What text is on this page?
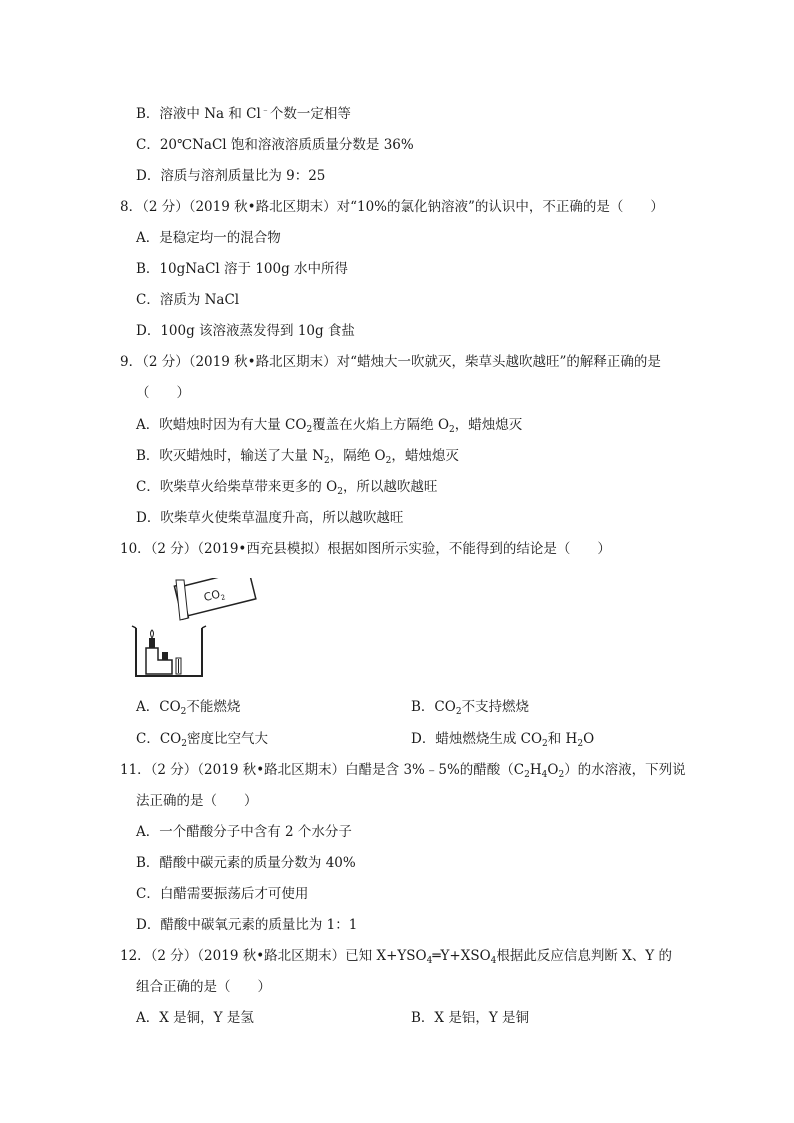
B．溶液中 Na 和 Cl﹣个数一定相等
C．20℃NaCl 饱和溶液溶质质量分数是 36%
D．溶质与溶剂质量比为 9：25
8．（2 分）（2019 秋•路北区期末）对“10%的氯化钠溶液”的认识中，不正确的是（　　）
A．是稳定均一的混合物
B．10gNaCl 溶于 100g 水中所得
C．溶质为 NaCl
D．100g 该溶液蒸发得到 10g 食盐
9．（2 分）（2019 秋•路北区期末）对“蜡烛大一吹就灭，柴草头越吹越旺”的解释正确的是
（　　）
A．吹蜡烛时因为有大量 $CO_2$覆盖在火焰上方隔绝 $O_2$，蜡烛熄灭
B．吹灭蜡烛时，输送了大量 $N_2$，隔绝 $O_2$，蜡烛熄灭
C．吹柴草火给柴草带来更多的 $O_2$，所以越吹越旺
D．吹柴草火使柴草温度升高，所以越吹越旺
10．（2 分）（2019•西充县模拟）根据如图所示实验，不能得到的结论是（　　）
$CO_2$
A．$CO_2$不能燃烧	B．$CO_2$不支持燃烧
C．$CO_2$密度比空气大	D．蜡烛燃烧生成 $CO_2$和 $H_2O$
11．（2 分）（2019 秋•路北区期末）白醋是含 3%﹣5%的醋酸$(C_2H_4O_2)$的水溶液，下列说
法正确的是（　　）
A．一个醋酸分子中含有 2 个水分子
B．醋酸中碳元素的质量分数为 40%
C．白醋需要振荡后才可使用
D．醋酸中碳氧元素的质量比为 1：1
12．（2 分）（2019 秋•路北区期末）已知 $X+YSO_4═Y+XSO_4$根据此反应信息判断 X、Y 的
组合正确的是（　　）
A．X 是铜，Y 是氢	B．X 是铝，Y 是铜
